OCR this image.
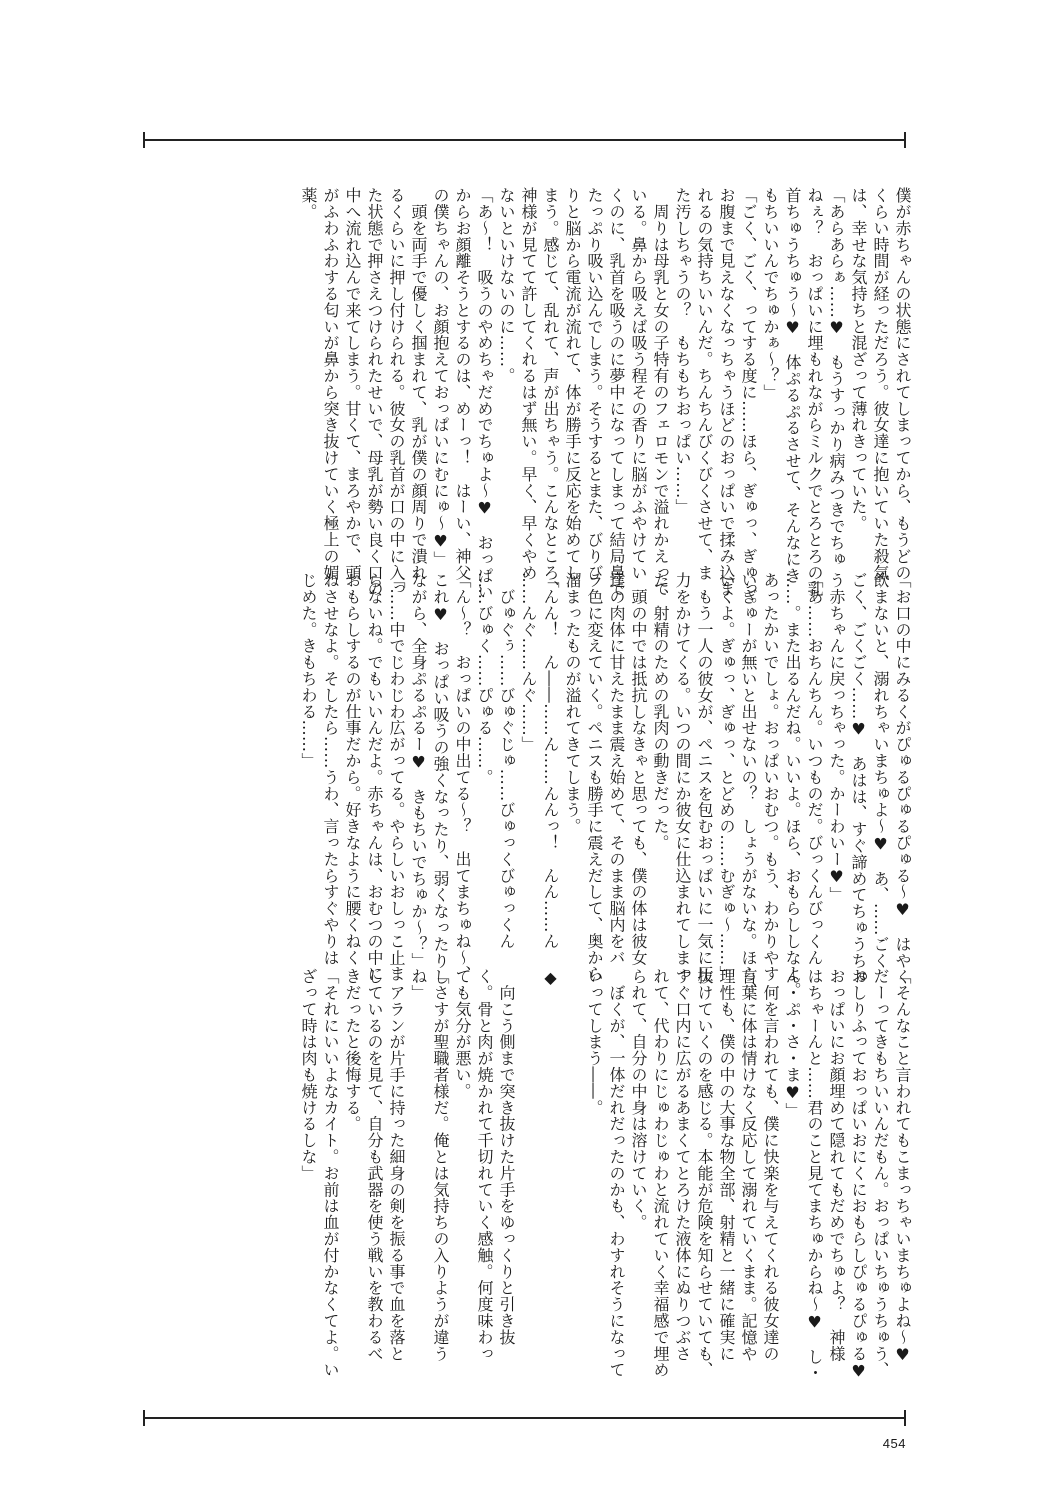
僕が赤ちゃんの状態にされてしまってから、もうどの
くらい時間が経っただろう。彼女達に抱いていた殺気
は、幸せな気持ちと混ざって薄れきっていた。
「あらあらぁ……♥　もうすっかり病みつきでちゅ
ねぇ？　おっぱいに埋もれながらミルクでとろとろの乳
首ちゅうちゅう〜♥　体ぷるぷるさせて、そんなにき
もちいいんでちゅかぁ〜？」
「ごく、ごく、ってする度に……ほら、ぎゅっ、ぎゅっ。
お腹まで見えなくなっちゃうほどのおっぱいで揉み込ま
れるの気持ちいいんだ。ちんちんびくびくさせて、ま
た汚しちゃうの？　もちもちおっぱい……」
　周りは母乳と女の子特有のフェロモンで溢れかえって
いる。鼻から吸えば吸う程その香りに脳がふやけてい
くのに、乳首を吸うのに夢中になってしまって結局鼻で
たっぷり吸い込んでしまう。そうするとまた、びりび
りと脳から電流が流れて、体が勝手に反応を始めてし
まう。感じて、乱れて、声が出ちゃう。こんなところ、
神様が見てて許してくれるはず無い。早く、早くやめ
ないといけないのに……。
「あ〜！　吸うのやめちゃだめでちゅよ〜♥　おっぱい
からお顔離そうとするのは、めーっ！　はーい、神父
の僕ちゃんの、お顔抱えておっぱいにむにゅ〜♥」
　頭を両手で優しく掴まれて、乳が僕の顔周りで潰れ
るくらいに押し付けられる。彼女の乳首が口の中に入っ
た状態で押さえつけられたせいで、母乳が勢い良く口の
中へ流れ込んで来てしまう。甘くて、まろやかで、頭
がふわふわする匂いが鼻から突き抜けていく極上の媚
薬。
「お口の中にみるくがぴゅるぴゅるぴゅる〜♥　はやく
飲まないと、溺れちゃいまちゅよ〜♥　あ、……ごく
ごく、ごくごく……♥　あはは、すぐ諦めてちゅうちゅ
う赤ちゃんに戻っちゃった。かーわいー♥」
「あ……おちんちん。いつものだ。びっくんびっくん
……。また出るんだね。いいよ。ほら、おもらししなよ。
あったかいでしょ。おっぱいおむつ。もう、わかりやす
いぎゅーが無いと出せないの？　しょうがないな。ほら、
いくよ。ぎゅっ、ぎゅっ、とどめの……むぎゅ〜……」
　もう一人の彼女が、ペニスを包むおっぱいに一気に圧
力をかけてくる。いつの間にか彼女に仕込まれてしまっ
た、射精のための乳肉の動きだった。
　頭の中では抵抗しなきゃと思っても、僕の体は彼女
達の肉体に甘えたまま震え始めて、そのまま脳内をバ
ラ色に変えていく。ペニスも勝手に震えだして、奥から
溜まったものが溢れてきてしまう。
「んん！　ん――……ん……んんっ！　んん……ん
……んぐ……んぐ……」
　びゅぐぅ……びゅぐじゅ……びゅっくびゅっくん
……びゅく……ぴゅる……。
「ん〜？　おっぱいの中出てる〜？　出てまちゅね〜、
これ♥　おっぱい吸うの強くなったり、弱くなったりし
ながら、全身ぷるぷるー♥　きもちいでちゅか〜？」
「……中でじわじわ広がってる。やらしいおしっこ止ま
らないね。でもいいんだよ。赤ちゃんは、おむつの中に
おもらしするのが仕事だから。好きなように腰くねく
ねさせなよ。そしたら……うわ、言ったらすぐやりは
じめた。きもちわる……」
「そんなこと言われてもこまっちゃいまちゅよね〜♥
だーってきもちいいんだもん。おっぱいちゅうちゅう、
おしりふっておっぱいおにくにおもらしぴゅるぴゅる♥
おっぱいにお顔埋めて隠れてもだめでちゅよ？　神様
はちゃーんと……君のこと見てまちゅからね〜♥　し・
ん・ぷ・さ・ま♥」
　何を言われても、僕に快楽を与えてくれる彼女達の
言葉に体は情けなく反応して溺れていくまま。記憶や
理性も、僕の中の大事な物全部、射精と一緒に確実に
抜けていくのを感じる。本能が危険を知らせていても、
すぐ口内に広がるあまくてとろけた液体にぬりつぶさ
れて、代わりにじゅわじゅわと流れていく幸福感で埋め
られて、自分の中身は溶けていく。
　ぼくが、一体だれだったのかも、わすれそうになって
いってしまう――。

◆

　向こう側まで突き抜けた片手をゆっくりと引き抜
く。骨と肉が焼かれて千切れていく感触。何度味わっ
ても気分が悪い。
「さすが聖職者様だ。俺とは気持ちの入りようが違う
ね」
　アランが片手に持った細身の剣を振る事で血を落と
しているのを見て、自分も武器を使う戦いを教わるべ
きだったと後悔する。
「それにいいよなカイト。お前は血が付かなくてよ。い
ざって時は肉も焼けるしな」
454
